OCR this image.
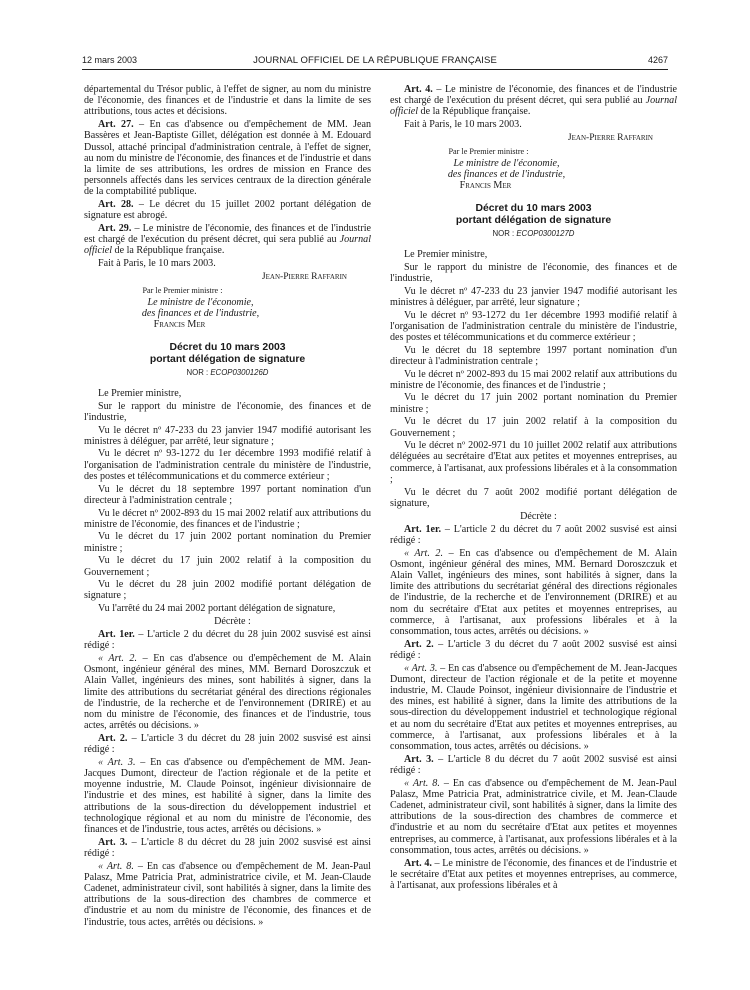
12 mars 2003	JOURNAL OFFICIEL DE LA RÉPUBLIQUE FRANÇAISE	4267

départemental du Trésor public, à l'effet de signer, au nom du ministre de l'économie, des finances et de l'industrie et dans la limite de ses attributions, tous actes et décisions.

Art. 27. – En cas d'absence ou d'empêchement de MM. Jean Bassères et Jean-Baptiste Gillet, délégation est donnée à M. Edouard Dussol, attaché principal d'administration centrale, à l'effet de signer, au nom du ministre de l'économie, des finances et de l'industrie et dans la limite de ses attributions, les ordres de mission en France des personnels affectés dans les services centraux de la direction générale de la comptabilité publique.

Art. 28. – Le décret du 15 juillet 2002 portant délégation de signature est abrogé.

Art. 29. – Le ministre de l'économie, des finances et de l'industrie est chargé de l'exécution du présent décret, qui sera publié au Journal officiel de la République française.

Fait à Paris, le 10 mars 2003.

Jean-Pierre Raffarin
Par le Premier ministre :
Le ministre de l'économie,
des finances et de l'industrie,
Francis Mer
Décret du 10 mars 2003
portant délégation de signature
NOR : ECOP0300126D

Le Premier ministre,

Sur le rapport du ministre de l'économie, des finances et de l'industrie,

Vu le décret nº 47-233 du 23 janvier 1947 modifié autorisant les ministres à déléguer, par arrêté, leur signature ;

Vu le décret nº 93-1272 du 1er décembre 1993 modifié relatif à l'organisation de l'administration centrale du ministère de l'industrie, des postes et télécommunications et du commerce extérieur ;

Vu le décret du 18 septembre 1997 portant nomination d'un directeur à l'administration centrale ;

Vu le décret nº 2002-893 du 15 mai 2002 relatif aux attributions du ministre de l'économie, des finances et de l'industrie ;

Vu le décret du 17 juin 2002 portant nomination du Premier ministre ;

Vu le décret du 17 juin 2002 relatif à la composition du Gouvernement ;

Vu le décret du 28 juin 2002 modifié portant délégation de signature ;

Vu l'arrêté du 24 mai 2002 portant délégation de signature,

Décrète :

Art. 1er. – L'article 2 du décret du 28 juin 2002 susvisé est ainsi rédigé :

« Art. 2. – En cas d'absence ou d'empêchement de M. Alain Osmont, ingénieur général des mines, MM. Bernard Doroszczuk et Alain Vallet, ingénieurs des mines, sont habilités à signer, dans la limite des attributions du secrétariat général des directions régionales de l'industrie, de la recherche et de l'environnement (DRIRE) et au nom du ministre de l'économie, des finances et de l'industrie, tous actes, arrêtés ou décisions. »

Art. 2. – L'article 3 du décret du 28 juin 2002 susvisé est ainsi rédigé :

« Art. 3. – En cas d'absence ou d'empêchement de MM. Jean-Jacques Dumont, directeur de l'action régionale et de la petite et moyenne industrie, M. Claude Poinsot, ingénieur divisionnaire de l'industrie et des mines, est habilité à signer, dans la limite des attributions de la sous-direction du développement industriel et technologique régional et au nom du ministre de l'économie, des finances et de l'industrie, tous actes, arrêtés ou décisions. »

Art. 3. – L'article 8 du décret du 28 juin 2002 susvisé est ainsi rédigé :

« Art. 8. – En cas d'absence ou d'empêchement de M. Jean-Paul Palasz, Mme Patricia Prat, administratrice civile, et M. Jean-Claude Cadenet, administrateur civil, sont habilités à signer, dans la limite des attributions de la sous-direction des chambres de commerce et d'industrie et au nom du ministre de l'économie, des finances et de l'industrie, tous actes, arrêtés ou décisions. »

Art. 4. – Le ministre de l'économie, des finances et de l'industrie est chargé de l'exécution du présent décret, qui sera publié au Journal officiel de la République française.

Fait à Paris, le 10 mars 2003.

Jean-Pierre Raffarin
Par le Premier ministre :
Le ministre de l'économie,
des finances et de l'industrie,
Francis Mer
Décret du 10 mars 2003
portant délégation de signature
NOR : ECOP0300127D

Le Premier ministre,

Sur le rapport du ministre de l'économie, des finances et de l'industrie,

Vu le décret nº 47-233 du 23 janvier 1947 modifié autorisant les ministres à déléguer, par arrêté, leur signature ;

Vu le décret nº 93-1272 du 1er décembre 1993 modifié relatif à l'organisation de l'administration centrale du ministère de l'industrie, des postes et télécommunications et du commerce extérieur ;

Vu le décret du 18 septembre 1997 portant nomination d'un directeur à l'administration centrale ;

Vu le décret nº 2002-893 du 15 mai 2002 relatif aux attributions du ministre de l'économie, des finances et de l'industrie ;

Vu le décret du 17 juin 2002 portant nomination du Premier ministre ;

Vu le décret du 17 juin 2002 relatif à la composition du Gouvernement ;

Vu le décret nº 2002-971 du 10 juillet 2002 relatif aux attributions déléguées au secrétaire d'Etat aux petites et moyennes entreprises, au commerce, à l'artisanat, aux professions libérales et à la consommation ;

Vu le décret du 7 août 2002 modifié portant délégation de signature,

Décrète :

Art. 1er. – L'article 2 du décret du 7 août 2002 susvisé est ainsi rédigé :

« Art. 2. – En cas d'absence ou d'empêchement de M. Alain Osmont, ingénieur général des mines, MM. Bernard Doroszczuk et Alain Vallet, ingénieurs des mines, sont habilités à signer, dans la limite des attributions du secrétariat général des directions régionales de l'industrie, de la recherche et de l'environnement (DRIRE) et au nom du secrétaire d'Etat aux petites et moyennes entreprises, au commerce, à l'artisanat, aux professions libérales et à la consommation, tous actes, arrêtés ou décisions. »

Art. 2. – L'article 3 du décret du 7 août 2002 susvisé est ainsi rédigé :

« Art. 3. – En cas d'absence ou d'empêchement de M. Jean-Jacques Dumont, directeur de l'action régionale et de la petite et moyenne industrie, M. Claude Poinsot, ingénieur divisionnaire de l'industrie et des mines, est habilité à signer, dans la limite des attributions de la sous-direction du développement industriel et technologique régional et au nom du secrétaire d'Etat aux petites et moyennes entreprises, au commerce, à l'artisanat, aux professions libérales et à la consommation, tous actes, arrêtés ou décisions. »

Art. 3. – L'article 8 du décret du 7 août 2002 susvisé est ainsi rédigé :

« Art. 8. – En cas d'absence ou d'empêchement de M. Jean-Paul Palasz, Mme Patricia Prat, administratrice civile, et M. Jean-Claude Cadenet, administrateur civil, sont habilités à signer, dans la limite des attributions de la sous-direction des chambres de commerce et d'industrie et au nom du secrétaire d'Etat aux petites et moyennes entreprises, au commerce, à l'artisanat, aux professions libérales et à la consommation, tous actes, arrêtés ou décisions. »

Art. 4. – Le ministre de l'économie, des finances et de l'industrie et le secrétaire d'Etat aux petites et moyennes entreprises, au commerce, à l'artisanat, aux professions libérales et à
